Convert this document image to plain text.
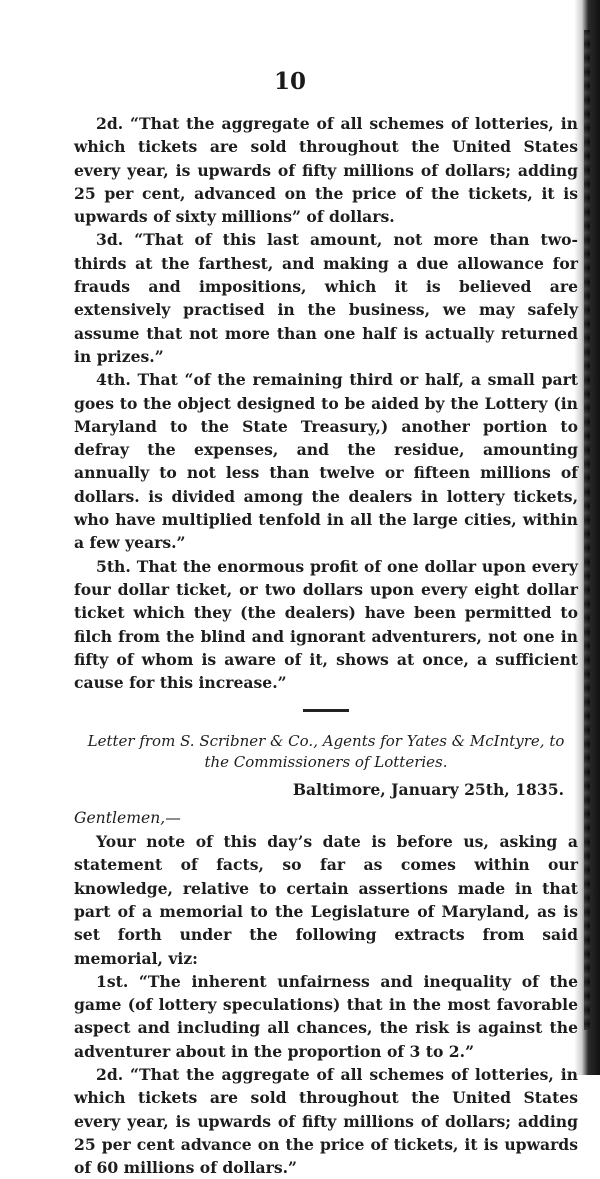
10

2d. “That the aggregate of all schemes of lotteries, in which tickets are sold throughout the United States every year, is upwards of fifty millions of dollars; adding 25 per cent, advanced on the price of the tickets, it is upwards of sixty millions” of dollars.

3d. “That of this last amount, not more than two-thirds at the farthest, and making a due allowance for frauds and impositions, which it is believed are extensively practised in the business, we may safely assume that not more than one half is actually returned in prizes.”

4th. That “of the remaining third or half, a small part goes to the object designed to be aided by the Lottery (in Maryland to the State Treasury,) another portion to defray the expenses, and the residue, amounting annually to not less than twelve or fifteen millions of dollars. is divided among the dealers in lottery tickets, who have multiplied tenfold in all the large cities, within a few years.”

5th. That the enormous profit of one dollar upon every four dollar ticket, or two dollars upon every eight dollar ticket which they (the dealers) have been permitted to filch from the blind and ignorant adventurers, not one in fifty of whom is aware of it, shows at once, a sufficient cause for this increase.”

Letter from S. Scribner & Co., Agents for Yates & McIntyre, to

the Commissioners of Lotteries.

Baltimore, January 25th, 1835.

Gentlemen,—

Your note of this day’s date is before us, asking a statement of facts, so far as comes within our knowledge, relative to certain assertions made in that part of a memorial to the Legislature of Maryland, as is set forth under the following extracts from said memorial, viz:

1st. “The inherent unfairness and inequality of the game (of lottery speculations) that in the most favorable aspect and including all chances, the risk is against the adventurer about in the proportion of 3 to 2.”

2d. “That the aggregate of all schemes of lotteries, in which tickets are sold throughout the United States every year, is upwards of fifty millions of dollars; adding 25 per cent advance on the price of tickets, it is upwards of 60 millions of dollars.”
